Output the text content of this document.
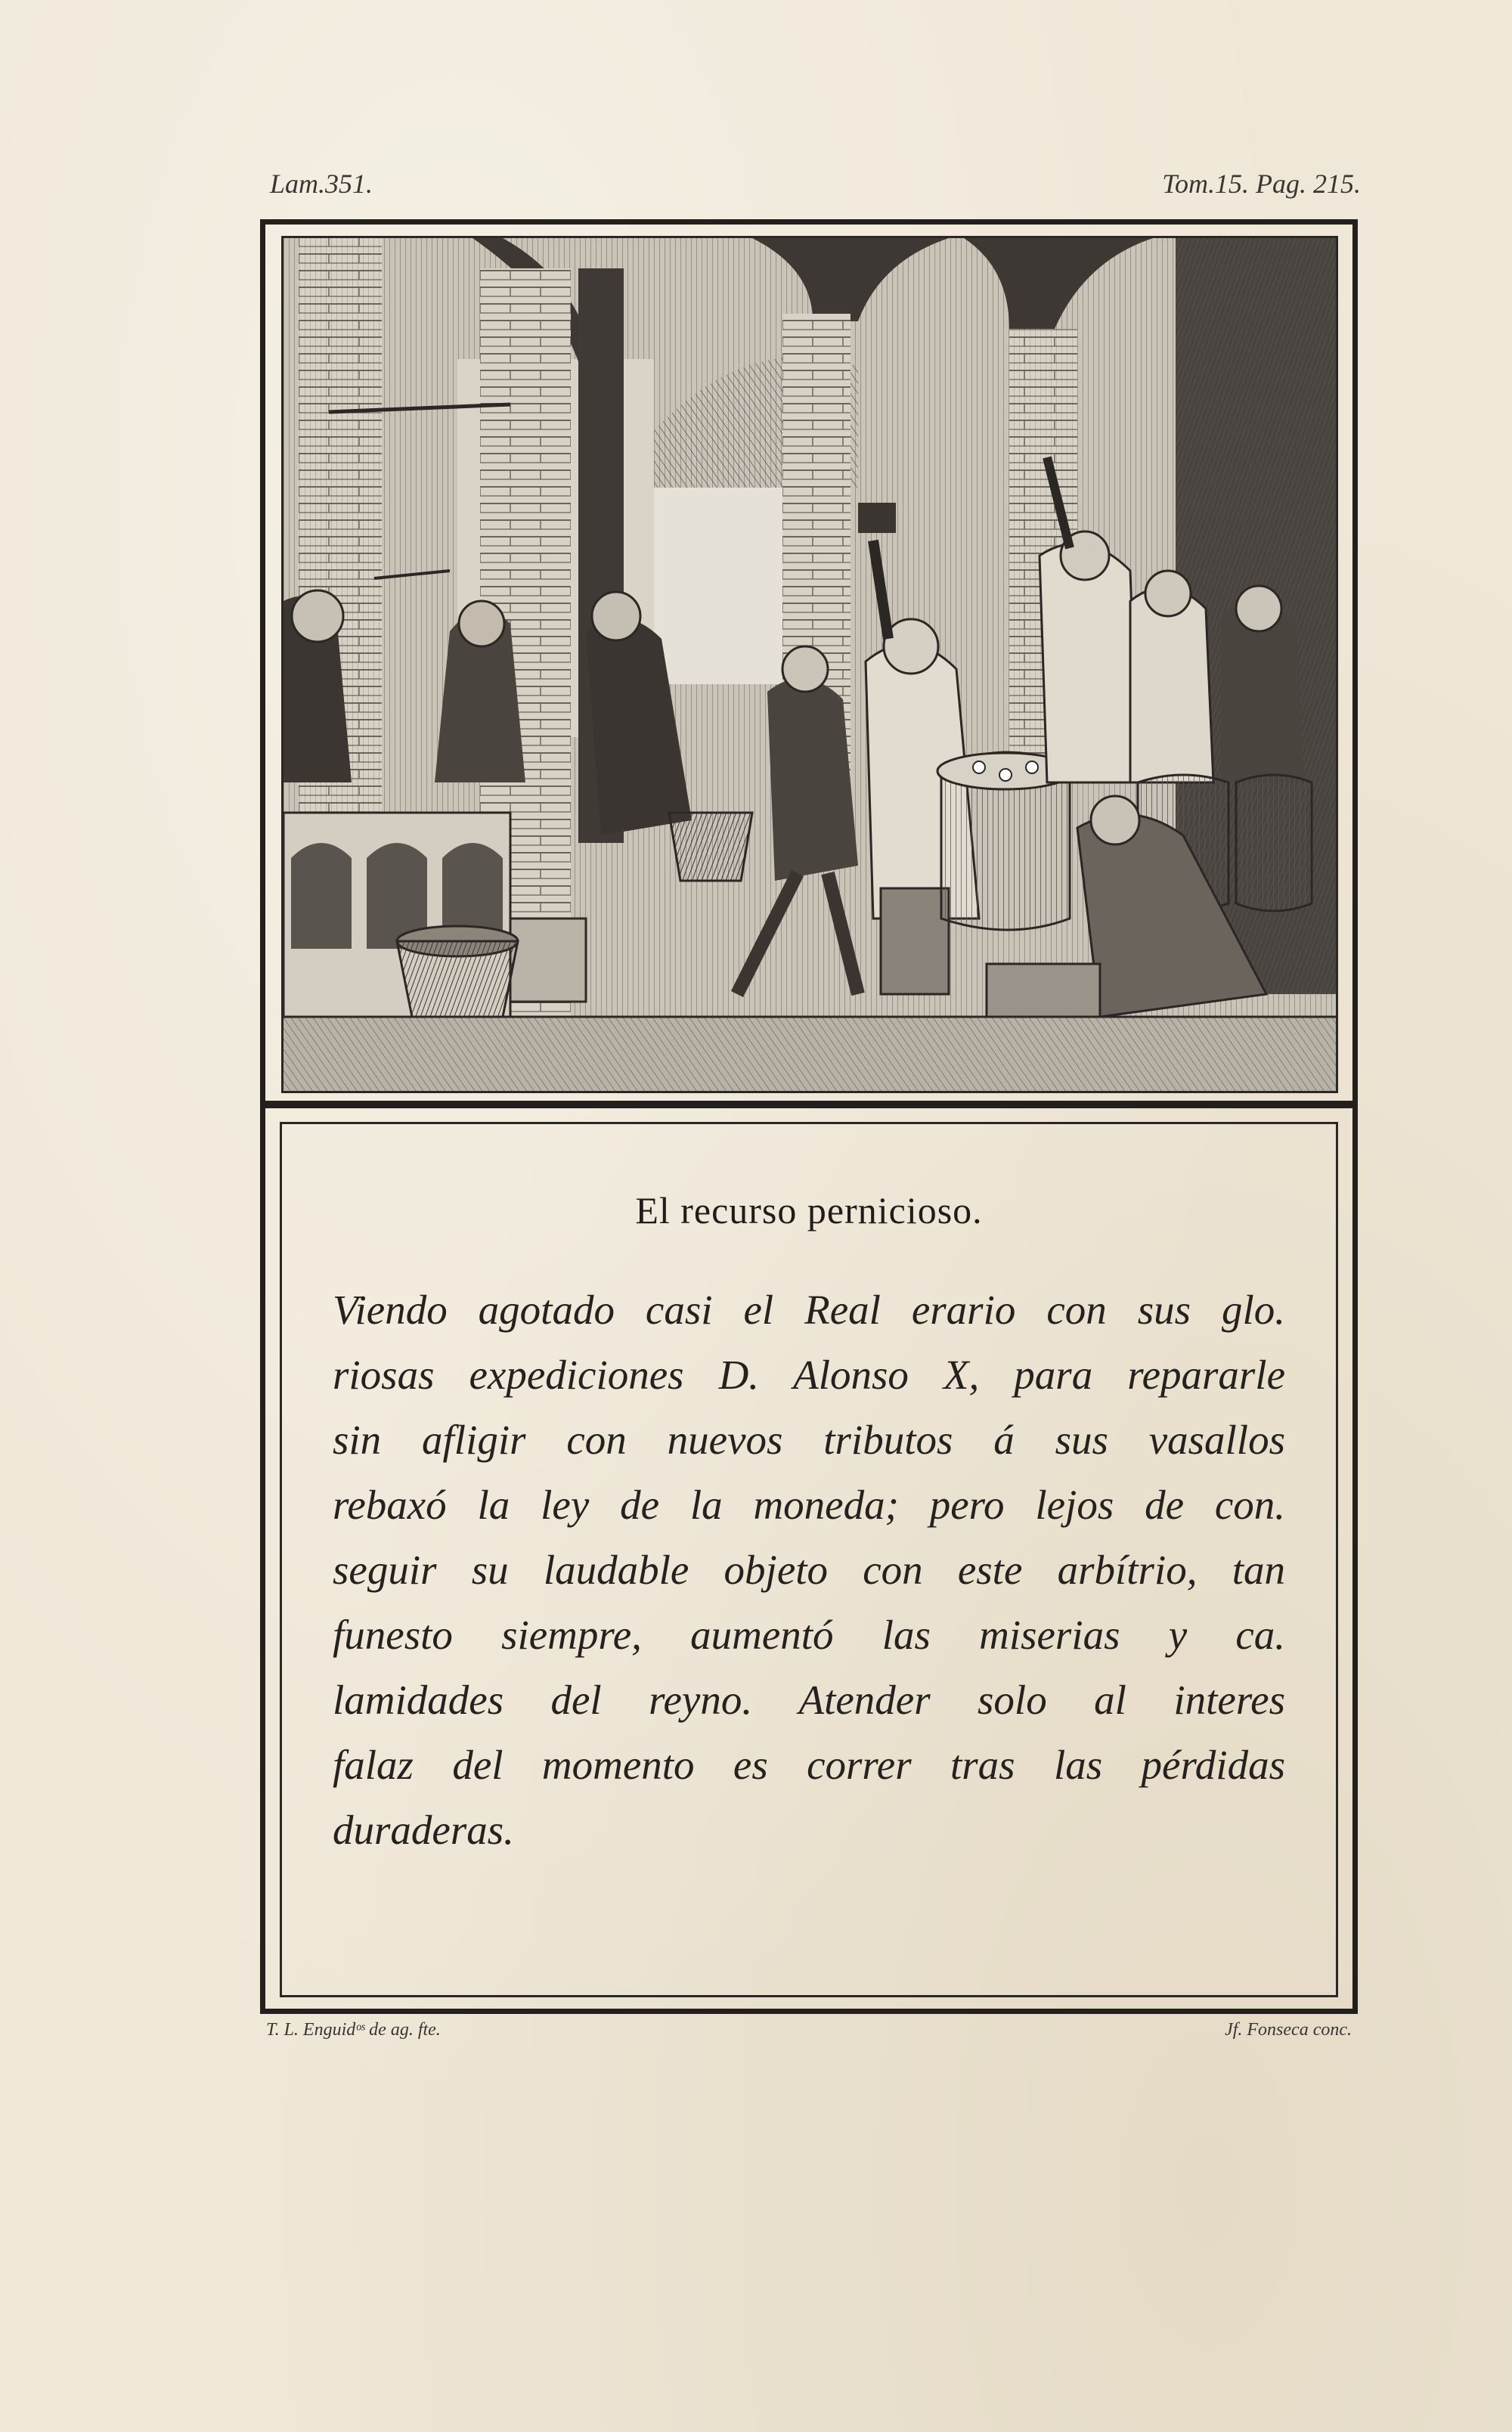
Lam.351.	Tom.15. Pag. 215.
El recurso pernicioso.
Viendo agotado casi el Real erario con sus glo.
riosas expediciones D. Alonso X, para repararle
sin afligir con nuevos tributos á sus vasallos
rebaxó la ley de la moneda; pero lejos de con.
seguir su laudable objeto con este arbítrio, tan
funesto siempre, aumentó las miserias y ca.
lamidades del reyno. Atender solo al interes
falaz del momento es correr tras las pérdidas
duraderas.
T. L. Enguidᵒˢ de ag. fte.	Jf. Fonseca conc.
